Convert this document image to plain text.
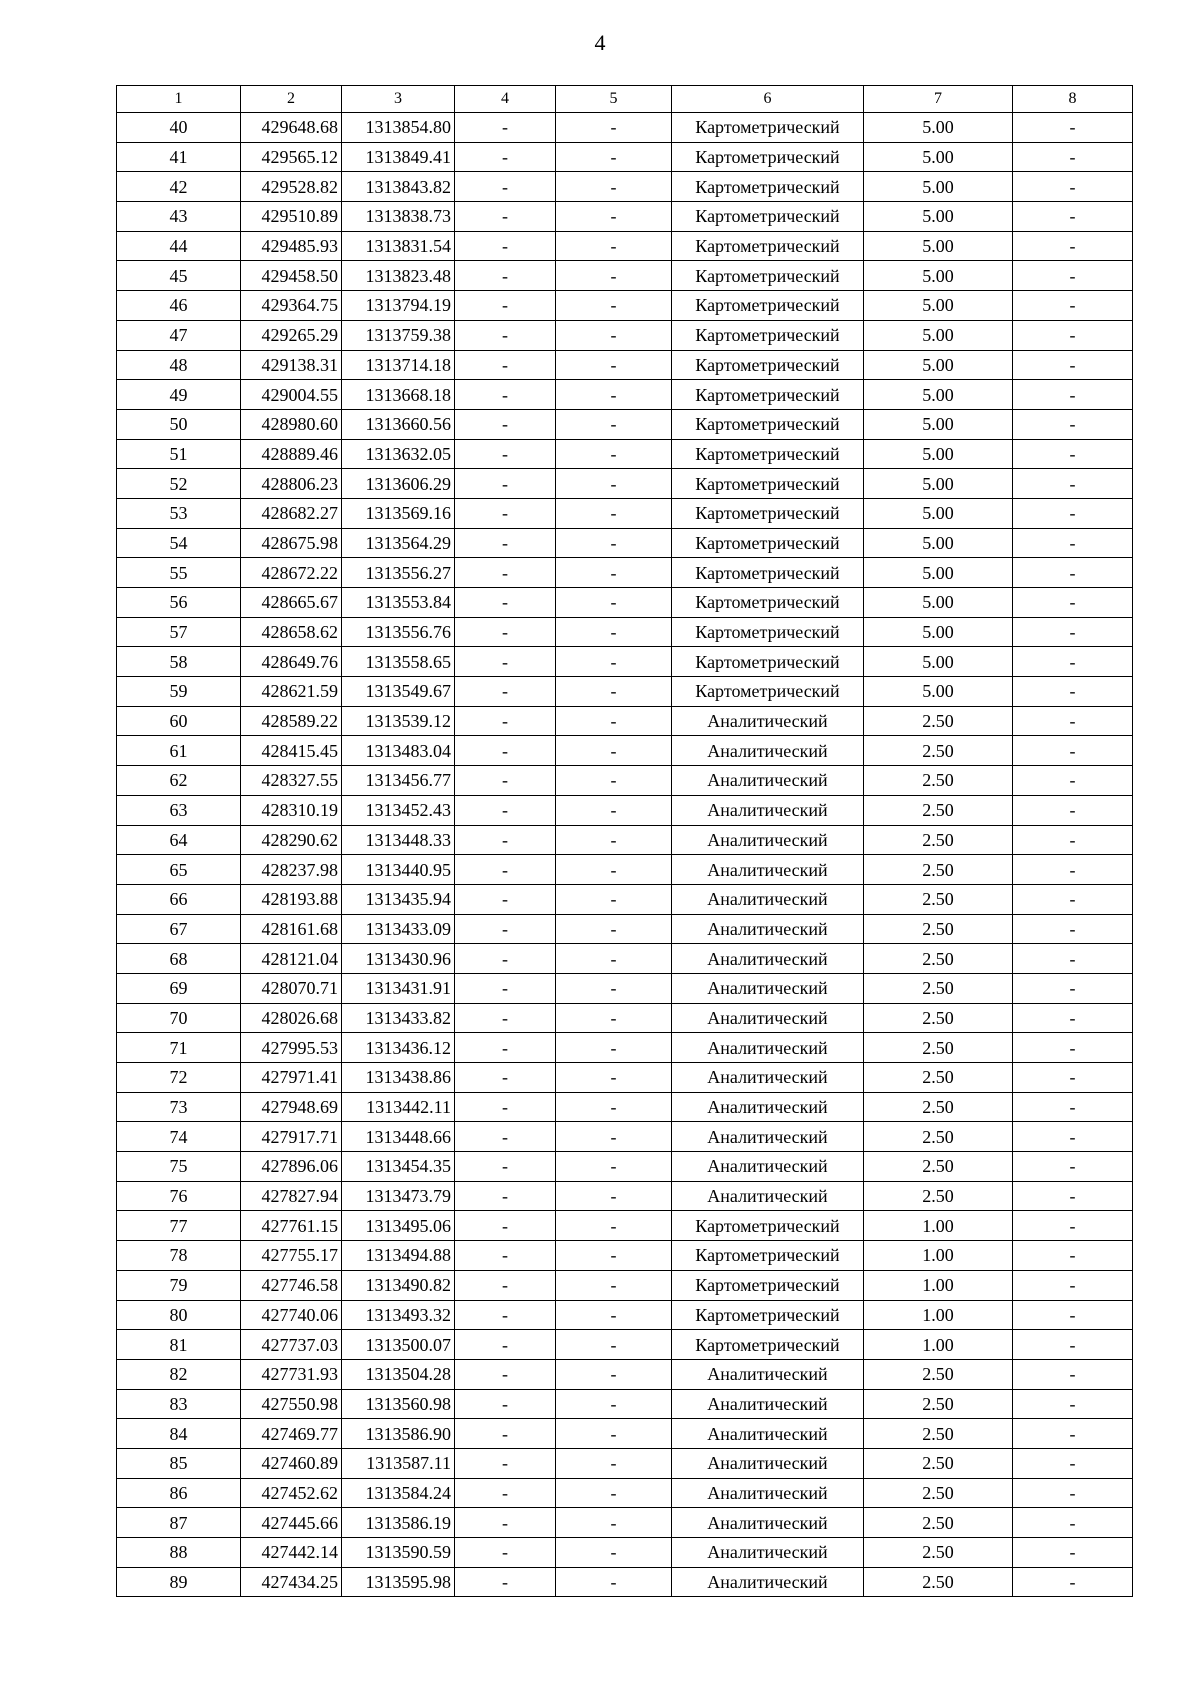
4
1	2	3	4	5	6	7	8
40	429648.68	1313854.80	-	-	Картометрический	5.00	-
41	429565.12	1313849.41	-	-	Картометрический	5.00	-
42	429528.82	1313843.82	-	-	Картометрический	5.00	-
43	429510.89	1313838.73	-	-	Картометрический	5.00	-
44	429485.93	1313831.54	-	-	Картометрический	5.00	-
45	429458.50	1313823.48	-	-	Картометрический	5.00	-
46	429364.75	1313794.19	-	-	Картометрический	5.00	-
47	429265.29	1313759.38	-	-	Картометрический	5.00	-
48	429138.31	1313714.18	-	-	Картометрический	5.00	-
49	429004.55	1313668.18	-	-	Картометрический	5.00	-
50	428980.60	1313660.56	-	-	Картометрический	5.00	-
51	428889.46	1313632.05	-	-	Картометрический	5.00	-
52	428806.23	1313606.29	-	-	Картометрический	5.00	-
53	428682.27	1313569.16	-	-	Картометрический	5.00	-
54	428675.98	1313564.29	-	-	Картометрический	5.00	-
55	428672.22	1313556.27	-	-	Картометрический	5.00	-
56	428665.67	1313553.84	-	-	Картометрический	5.00	-
57	428658.62	1313556.76	-	-	Картометрический	5.00	-
58	428649.76	1313558.65	-	-	Картометрический	5.00	-
59	428621.59	1313549.67	-	-	Картометрический	5.00	-
60	428589.22	1313539.12	-	-	Аналитический	2.50	-
61	428415.45	1313483.04	-	-	Аналитический	2.50	-
62	428327.55	1313456.77	-	-	Аналитический	2.50	-
63	428310.19	1313452.43	-	-	Аналитический	2.50	-
64	428290.62	1313448.33	-	-	Аналитический	2.50	-
65	428237.98	1313440.95	-	-	Аналитический	2.50	-
66	428193.88	1313435.94	-	-	Аналитический	2.50	-
67	428161.68	1313433.09	-	-	Аналитический	2.50	-
68	428121.04	1313430.96	-	-	Аналитический	2.50	-
69	428070.71	1313431.91	-	-	Аналитический	2.50	-
70	428026.68	1313433.82	-	-	Аналитический	2.50	-
71	427995.53	1313436.12	-	-	Аналитический	2.50	-
72	427971.41	1313438.86	-	-	Аналитический	2.50	-
73	427948.69	1313442.11	-	-	Аналитический	2.50	-
74	427917.71	1313448.66	-	-	Аналитический	2.50	-
75	427896.06	1313454.35	-	-	Аналитический	2.50	-
76	427827.94	1313473.79	-	-	Аналитический	2.50	-
77	427761.15	1313495.06	-	-	Картометрический	1.00	-
78	427755.17	1313494.88	-	-	Картометрический	1.00	-
79	427746.58	1313490.82	-	-	Картометрический	1.00	-
80	427740.06	1313493.32	-	-	Картометрический	1.00	-
81	427737.03	1313500.07	-	-	Картометрический	1.00	-
82	427731.93	1313504.28	-	-	Аналитический	2.50	-
83	427550.98	1313560.98	-	-	Аналитический	2.50	-
84	427469.77	1313586.90	-	-	Аналитический	2.50	-
85	427460.89	1313587.11	-	-	Аналитический	2.50	-
86	427452.62	1313584.24	-	-	Аналитический	2.50	-
87	427445.66	1313586.19	-	-	Аналитический	2.50	-
88	427442.14	1313590.59	-	-	Аналитический	2.50	-
89	427434.25	1313595.98	-	-	Аналитический	2.50	-
